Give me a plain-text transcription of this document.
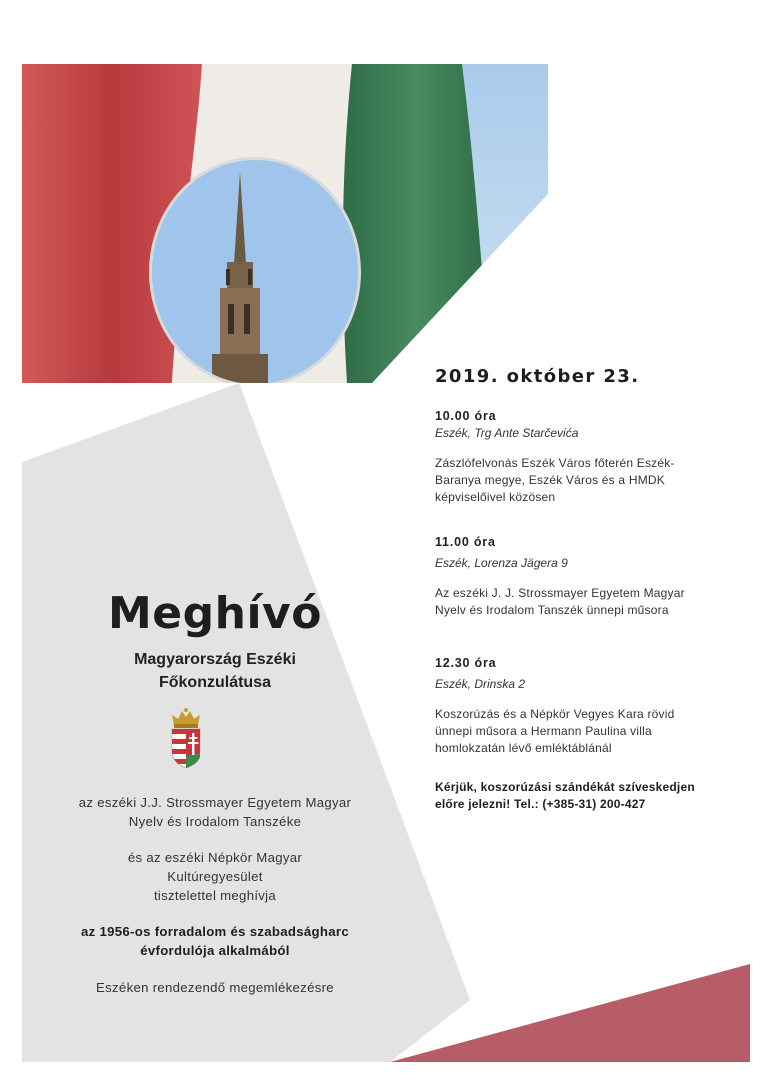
Meghívó
Magyarország Eszéki
Főkonzulátusa
az eszéki J.J. Strossmayer Egyetem Magyar
Nyelv és Irodalom Tanszéke
és az eszéki Népkör Magyar
Kultúregyesület
tisztelettel meghívja
az 1956-os forradalom és szabadságharc
évfordulója alkalmából
Eszéken rendezendő megemlékezésre
2019. október 23.
10.00 óra
Eszék, Trg Ante Starčevića
Zászlófelvonás Eszék Város főterén Eszék-
Baranya megye, Eszék Város és a HMDK
képviselőivel közösen
11.00 óra
Eszék, Lorenza Jägera 9
Az eszéki J. J. Strossmayer Egyetem Magyar
Nyelv és Irodalom Tanszék ünnepi műsora
12.30 óra
Eszék, Drinska 2
Koszorúzás és a Népkör Vegyes Kara rövid
ünnepi műsora a Hermann Paulina villa
homlokzatán lévő emléktáblánál
Kérjük, koszorúzási szándékát szíveskedjen
előre jelezni! Tel.: (+385-31) 200-427
